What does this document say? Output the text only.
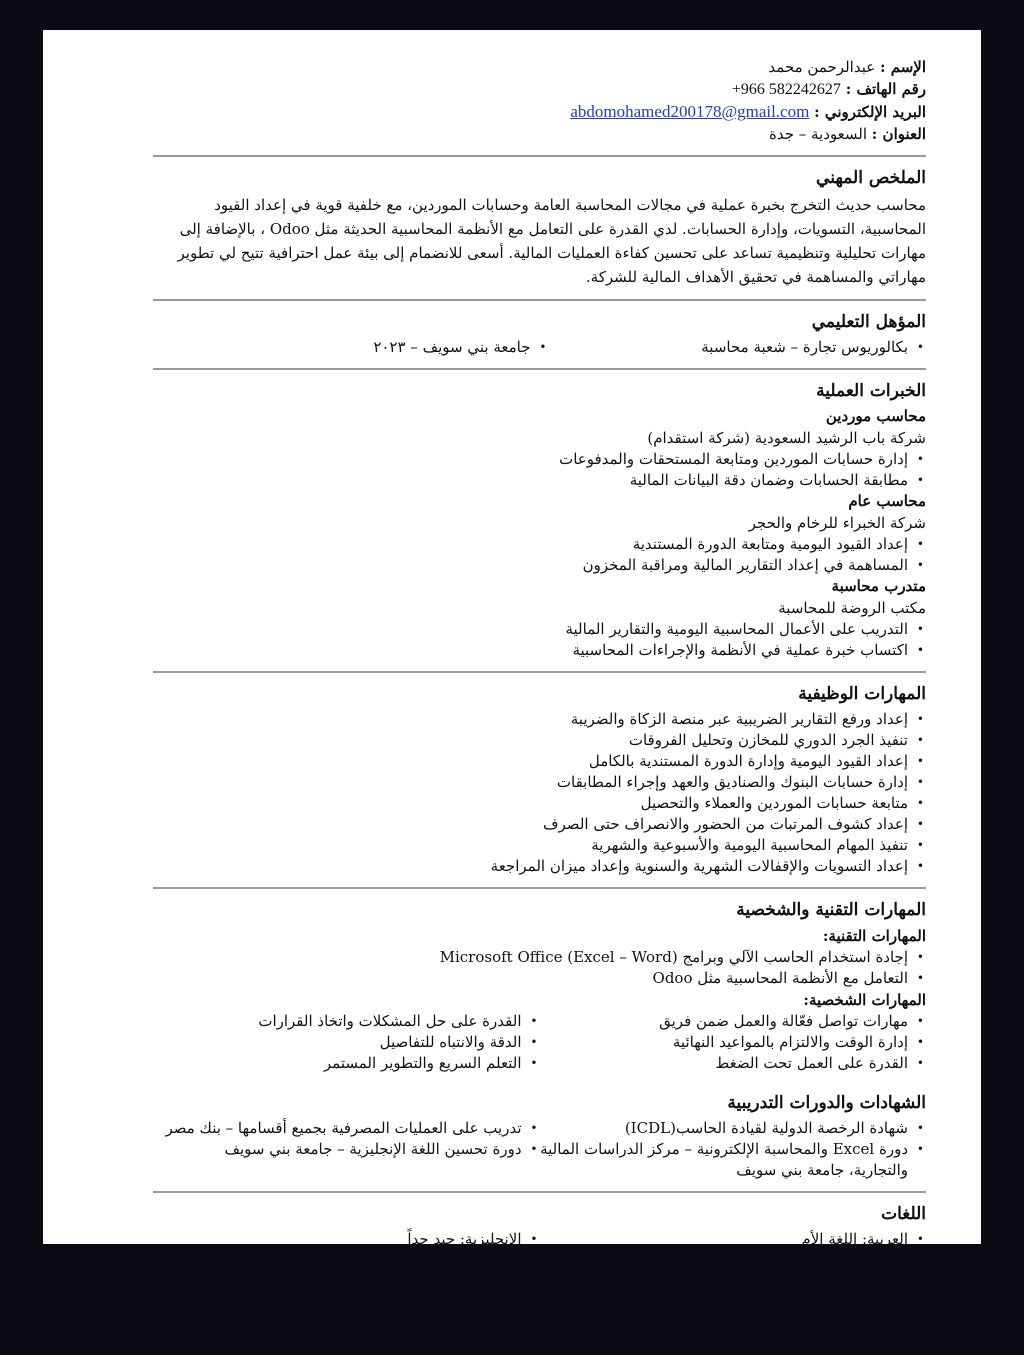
الإسم : عبدالرحمن محمد
رقم الهاتف : +966 582242627
البريد الإلكتروني : abdomohamed200178@gmail.com
العنوان : السعودية – جدة
الملخص المهني

محاسب حديث التخرج بخبرة عملية في مجالات المحاسبة العامة وحسابات الموردين، مع خلفية قوية في إعداد القيود المحاسبية، التسويات، وإدارة الحسابات. لدي القدرة على التعامل مع الأنظمة المحاسبية الحديثة مثل Odoo ، بالإضافة إلى مهارات تحليلية وتنظيمية تساعد على تحسين كفاءة العمليات المالية. أسعى للانضمام إلى بيئة عمل احترافية تتيح لي تطوير مهاراتي والمساهمة في تحقيق الأهداف المالية للشركة.

المؤهل التعليمي
• بكالوريوس تجارة – شعبة محاسبة
• جامعة بني سويف – ٢٠٢٣
الخبرات العملية
محاسب موردين
شركة باب الرشيد السعودية (شركة استقدام)
• إدارة حسابات الموردين ومتابعة المستحقات والمدفوعات
• مطابقة الحسابات وضمان دقة البيانات المالية
محاسب عام
شركة الخبراء للرخام والحجر
• إعداد القيود اليومية ومتابعة الدورة المستندية
• المساهمة في إعداد التقارير المالية ومراقبة المخزون
متدرب محاسبة
مكتب الروضة للمحاسبة
• التدريب على الأعمال المحاسبية اليومية والتقارير المالية
• اكتساب خبرة عملية في الأنظمة والإجراءات المحاسبية
المهارات الوظيفية
• إعداد ورفع التقارير الضريبية عبر منصة الزكاة والضريبة
• تنفيذ الجرد الدوري للمخازن وتحليل الفروقات
• إعداد القيود اليومية وإدارة الدورة المستندية بالكامل
• إدارة حسابات البنوك والصناديق والعهد وإجراء المطابقات
• متابعة حسابات الموردين والعملاء والتحصيل
• إعداد كشوف المرتبات من الحضور والانصراف حتى الصرف
• تنفيذ المهام المحاسبية اليومية والأسبوعية والشهرية
• إعداد التسويات والإقفالات الشهرية والسنوية وإعداد ميزان المراجعة
المهارات التقنية والشخصية
المهارات التقنية:
• إجادة استخدام الحاسب الآلي وبرامج Microsoft Office (Excel – Word)
• التعامل مع الأنظمة المحاسبية مثل Odoo
المهارات الشخصية:
• مهارات تواصل فعّالة والعمل ضمن فريق
• إدارة الوقت والالتزام بالمواعيد النهائية
• القدرة على العمل تحت الضغط
• القدرة على حل المشكلات واتخاذ القرارات
• الدقة والانتباه للتفاصيل
• التعلم السريع والتطوير المستمر
الشهادات والدورات التدريبية
• شهادة الرخصة الدولية لقيادة الحاسب(ICDL)
• دورة Excel والمحاسبة الإلكترونية – مركز الدراسات المالية والتجارية، جامعة بني سويف
• تدريب على العمليات المصرفية بجميع أقسامها – بنك مصر
• دورة تحسين اللغة الإنجليزية – جامعة بني سويف
اللغات
• العربية: اللغة الأم
• الإنجليزية: جيد جداً
